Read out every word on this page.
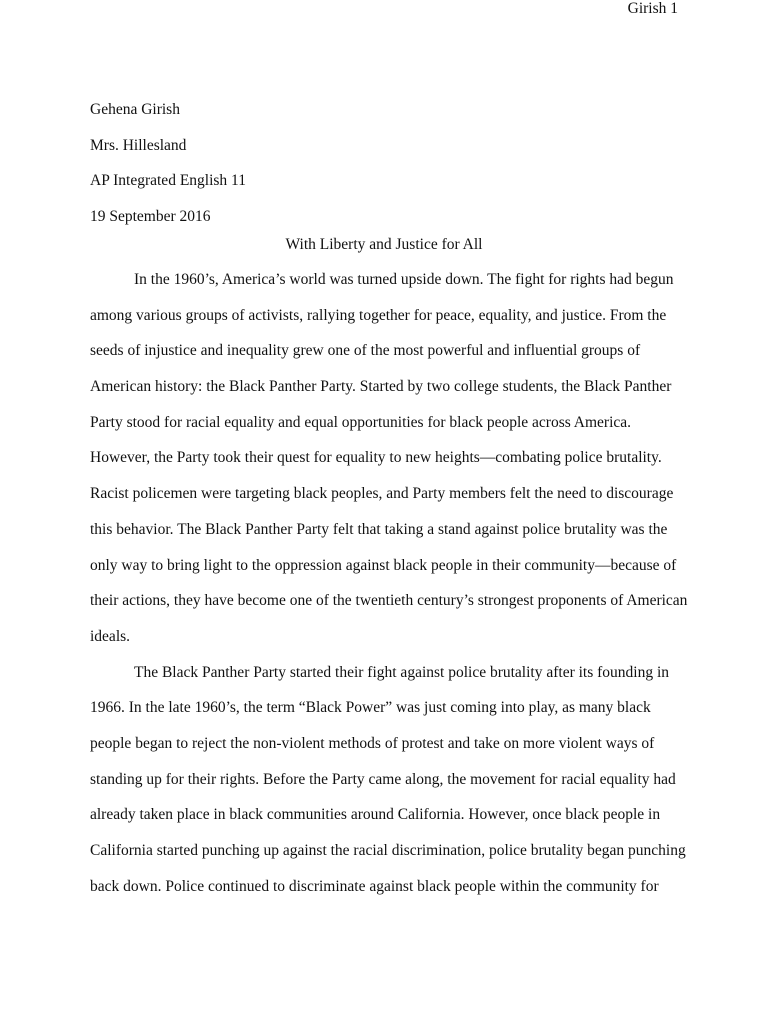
Girish 1
Gehena Girish
Mrs. Hillesland
AP Integrated English 11
19 September 2016
With Liberty and Justice for All
In the 1960’s, America’s world was turned upside down. The fight for rights had begun
among various groups of activists, rallying together for peace, equality, and justice. From the
seeds of injustice and inequality grew one of the most powerful and influential groups of
American history: the Black Panther Party. Started by two college students, the Black Panther
Party stood for racial equality and equal opportunities for black people across America.
However, the Party took their quest for equality to new heights—combating police brutality.
Racist policemen were targeting black peoples, and Party members felt the need to discourage
this behavior. The Black Panther Party felt that taking a stand against police brutality was the
only way to bring light to the oppression against black people in their community—because of
their actions, they have become one of the twentieth century’s strongest proponents of American
ideals.
The Black Panther Party started their fight against police brutality after its founding in
1966. In the late 1960’s, the term “Black Power” was just coming into play, as many black
people began to reject the non-violent methods of protest and take on more violent ways of
standing up for their rights. Before the Party came along, the movement for racial equality had
already taken place in black communities around California. However, once black people in
California started punching up against the racial discrimination, police brutality began punching
back down. Police continued to discriminate against black people within the community for
